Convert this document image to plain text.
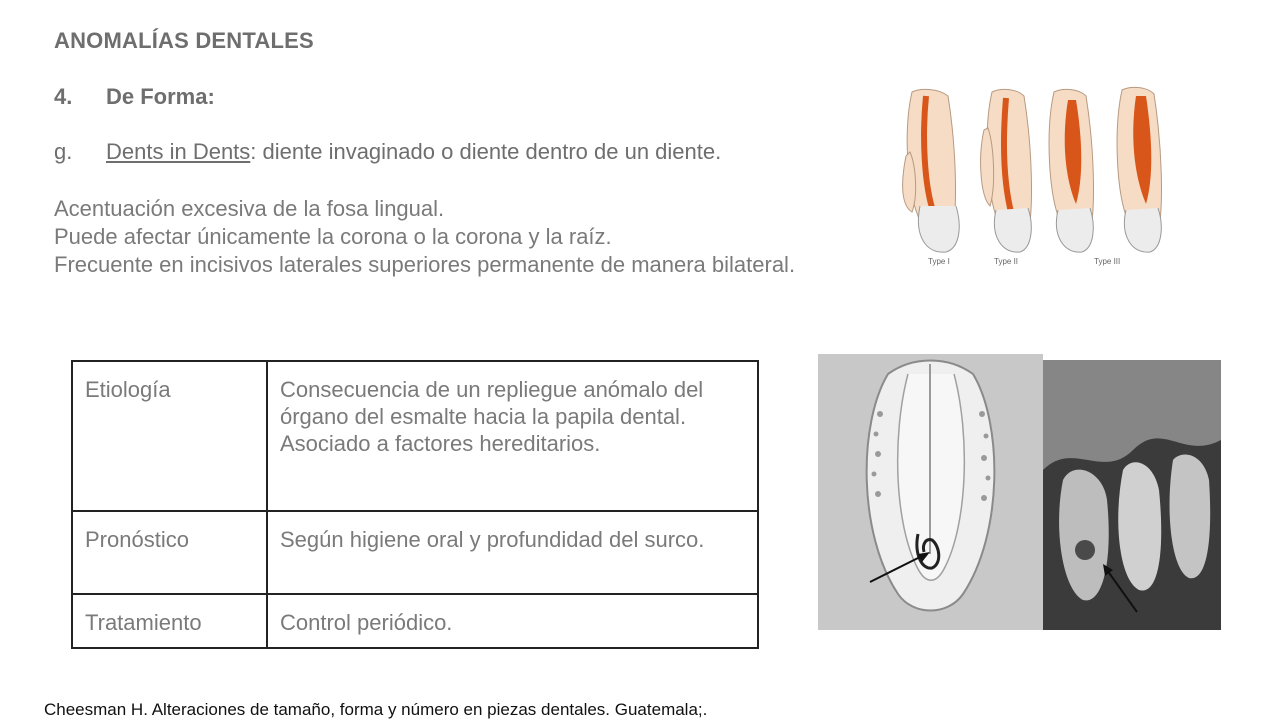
ANOMALÍAS DENTALES
4. De Forma:
g. Dents in Dents: diente invaginado o diente dentro de un diente.
Acentuación excesiva de la fosa lingual.
Puede afectar únicamente la corona o la corona y la raíz.
Frecuente en incisivos laterales superiores permanente de manera bilateral.
Etiología	Consecuencia de un repliegue anómalo del
órgano del esmalte hacia la papila dental.
Asociado a factores hereditarios.

Pronóstico	Según higiene oral y profundidad del surco.

Tratamiento	Control periódico.
Type I	Type II	Type III
Cheesman H. Alteraciones de tamaño, forma y número en piezas dentales. Guatemala;.
